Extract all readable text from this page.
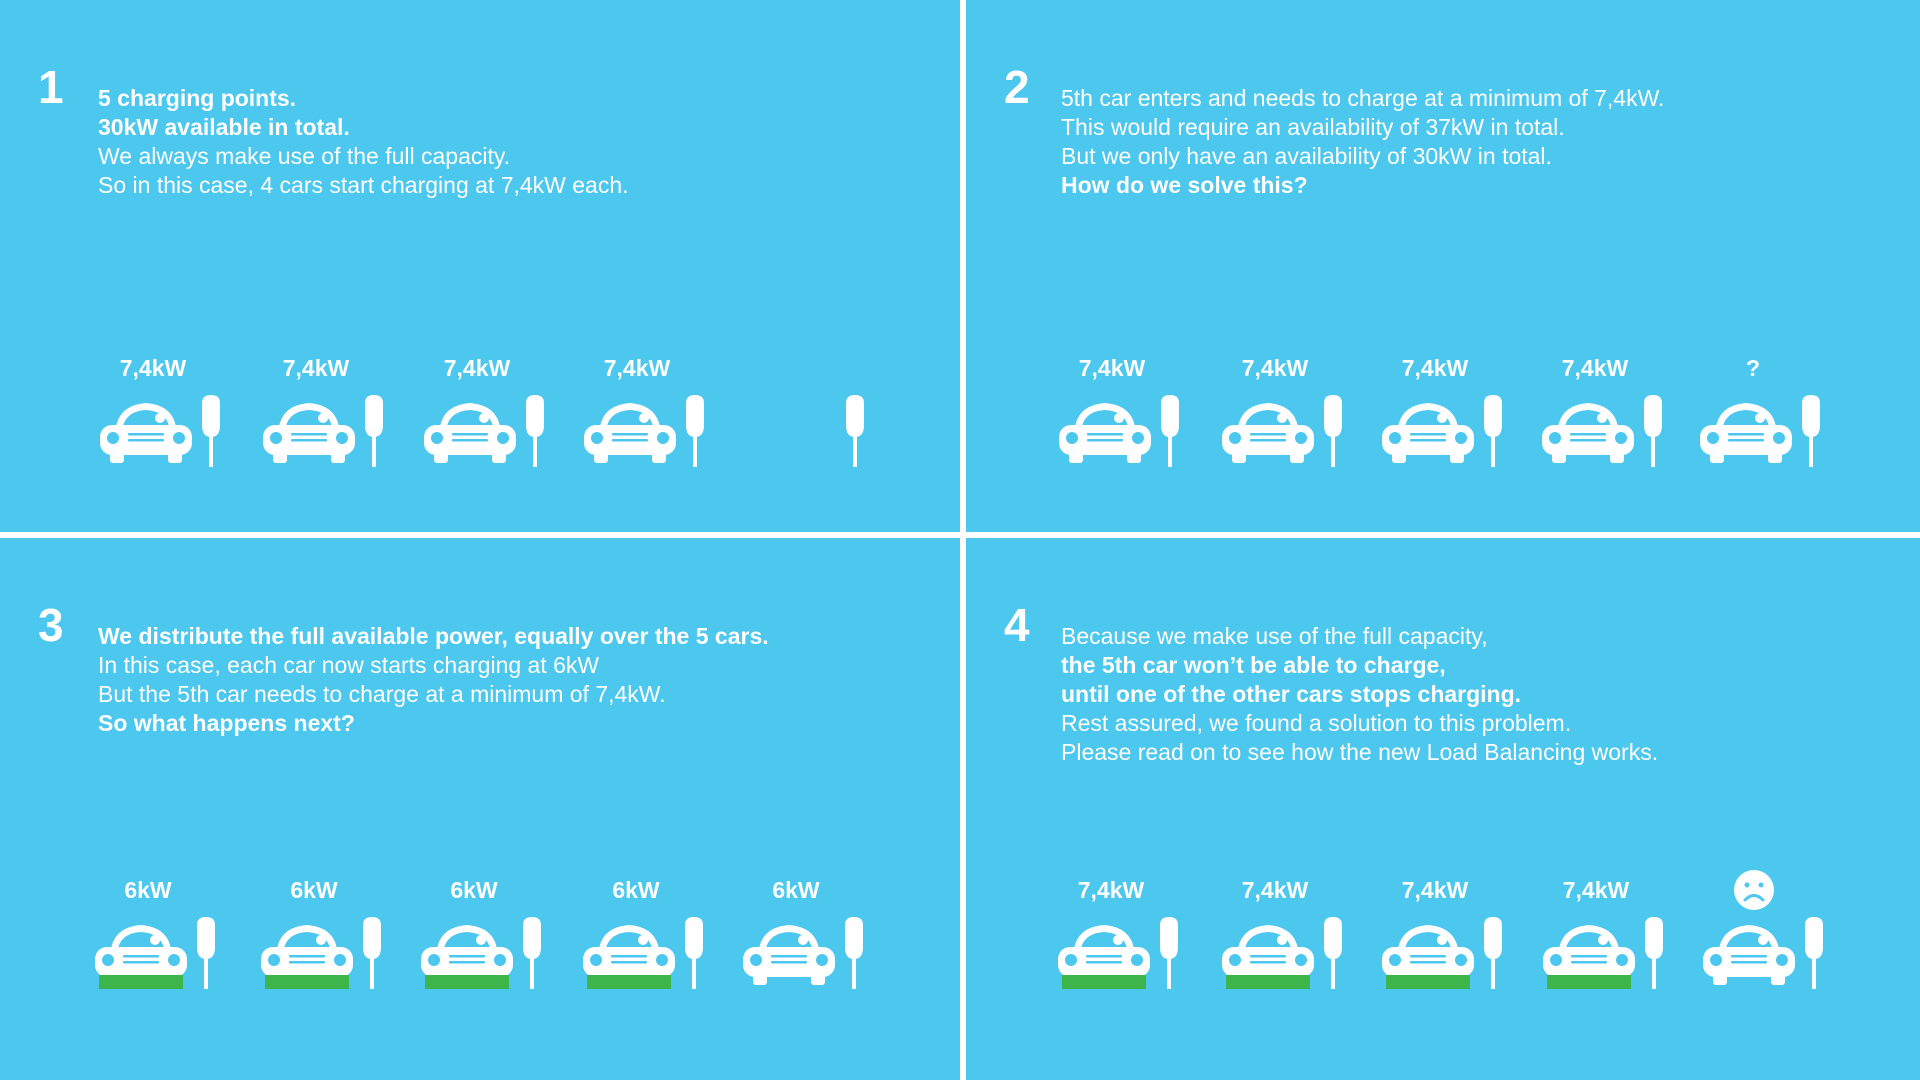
1 5 charging points.
30kW available in total.
We always make use of the full capacity.
So in this case, 4 cars start charging at 7,4kW each.
7,4kW	7,4kW	7,4kW	7,4kW
2 5th car enters and needs to charge at a minimum of 7,4kW.
This would require an availability of 37kW in total.
But we only have an availability of 30kW in total.
How do we solve this?
7,4kW	7,4kW	7,4kW	7,4kW	?
3 We distribute the full available power, equally over the 5 cars.
In this case, each car now starts charging at 6kW
But the 5th car needs to charge at a minimum of 7,4kW.
So what happens next?
6kW	6kW	6kW	6kW	6kW
4 Because we make use of the full capacity,
the 5th car won’t be able to charge,
until one of the other cars stops charging.
Rest assured, we found a solution to this problem.
Please read on to see how the new Load Balancing works.
7,4kW	7,4kW	7,4kW	7,4kW
